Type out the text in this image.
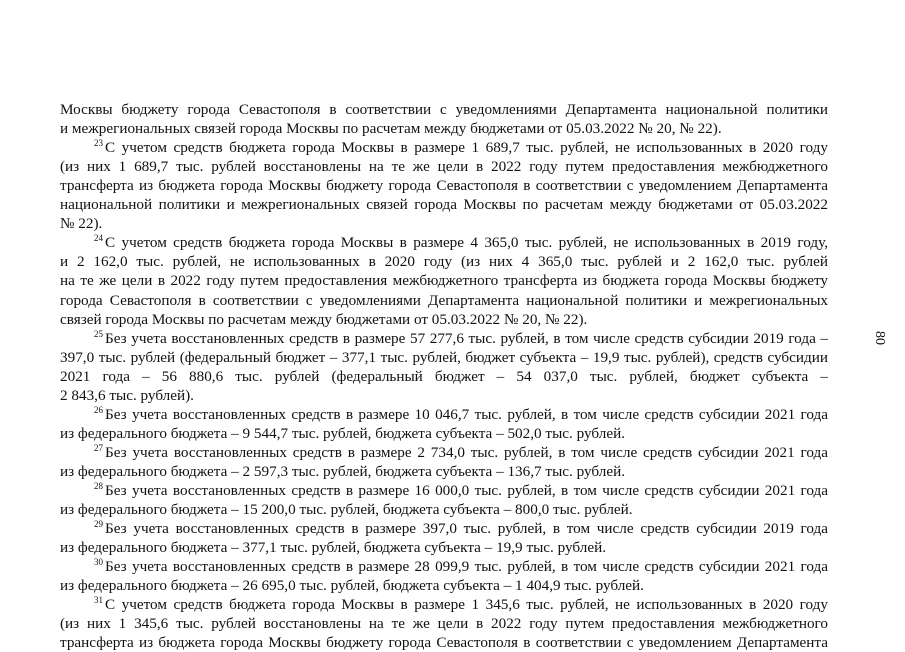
Москвы бюджету города Севастополя в соответствии с уведомлениями Департамента национальной политики
и межрегиональных связей города Москвы по расчетам между бюджетами от 05.03.2022 № 20, № 22).
$^{23}$ С учетом средств бюджета города Москвы в размере 1 689,7 тыс. рублей, не использованных в 2020 году
(из них 1 689,7 тыс. рублей восстановлены на те же цели в 2022 году путем предоставления межбюджетного
трансферта из бюджета города Москвы бюджету города Севастополя в соответствии с уведомлением Департамента
национальной политики и межрегиональных связей города Москвы по расчетам между бюджетами от 05.03.2022
№ 22).
$^{24}$ С учетом средств бюджета города Москвы в размере 4 365,0 тыс. рублей, не использованных в 2019 году,
и 2 162,0 тыс. рублей, не использованных в 2020 году (из них 4 365,0 тыс. рублей и 2 162,0 тыс. рублей
на те же цели в 2022 году путем предоставления межбюджетного трансферта из бюджета города Москвы бюджету
города Севастополя в соответствии с уведомлениями Департамента национальной политики и межрегиональных
связей города Москвы по расчетам между бюджетами от 05.03.2022 № 20, № 22).
$^{25}$ Без учета восстановленных средств в размере 57 277,6 тыс. рублей, в том числе средств субсидии 2019 года –
397,0 тыс. рублей (федеральный бюджет – 377,1 тыс. рублей, бюджет субъекта – 19,9 тыс. рублей), средств субсидии
2021 года – 56 880,6 тыс. рублей (федеральный бюджет – 54 037,0 тыс. рублей, бюджет субъекта –
2 843,6 тыс. рублей).
$^{26}$ Без учета восстановленных средств в размере 10 046,7 тыс. рублей, в том числе средств субсидии 2021 года
из федерального бюджета – 9 544,7 тыс. рублей, бюджета субъекта – 502,0 тыс. рублей.
$^{27}$ Без учета восстановленных средств в размере 2 734,0 тыс. рублей, в том числе средств субсидии 2021 года
из федерального бюджета – 2 597,3 тыс. рублей, бюджета субъекта – 136,7 тыс. рублей.
$^{28}$ Без учета восстановленных средств в размере 16 000,0 тыс. рублей, в том числе средств субсидии 2021 года
из федерального бюджета – 15 200,0 тыс. рублей, бюджета субъекта – 800,0 тыс. рублей.
$^{29}$ Без учета восстановленных средств в размере 397,0 тыс. рублей, в том числе средств субсидии 2019 года
из федерального бюджета – 377,1 тыс. рублей, бюджета субъекта – 19,9 тыс. рублей.
$^{30}$ Без учета восстановленных средств в размере 28 099,9 тыс. рублей, в том числе средств субсидии 2021 года
из федерального бюджета – 26 695,0 тыс. рублей, бюджета субъекта – 1 404,9 тыс. рублей.
$^{31}$ С учетом средств бюджета города Москвы в размере 1 345,6 тыс. рублей, не использованных в 2020 году
(из них 1 345,6 тыс. рублей восстановлены на те же цели в 2022 году путем предоставления межбюджетного
трансферта из бюджета города Москвы бюджету города Севастополя в соответствии с уведомлением Департамента
80
